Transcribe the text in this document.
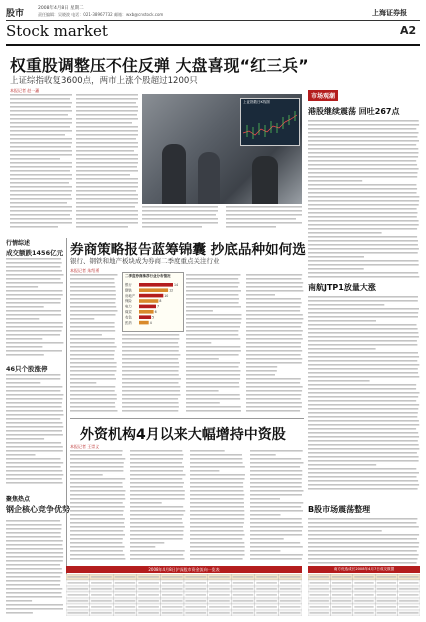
股市
2008年4月8日 星期二
责任编辑：吴晓波 电话：021-38967732 邮箱：wxb@cnstock.com	上海证券报
Stock market	A2
权重股调整压不住反弹 大盘喜现“红三兵”
上证综指收复3600点，两市上涨个股超过1200只
本报记者 赵一蕙
上证指数日K线图
市场观潮
港股继续震荡 回吐267点
南航JTP1放量大涨
B股市场震荡整理
行情综述
成交额跌1456亿元
46只个股涨停
聚焦热点
钢企核心竞争优势
券商策略报告蓝筹锦囊 抄底品种如何选
银行、钢铁和地产板块成为券商二季度重点关注行业
本报记者 朱绍勇
二季度券商推荐行业分布情况
银行	14
钢铁	12
房地产	10
保险	8
电力	7
煤炭	6
有色	5
医药	4
外资机构4月以来大幅增持中资股
本报记者 王崇义
2008年4月8日沪深股市资金流向一览表	南方优选成长2008年4月7日成交数据
